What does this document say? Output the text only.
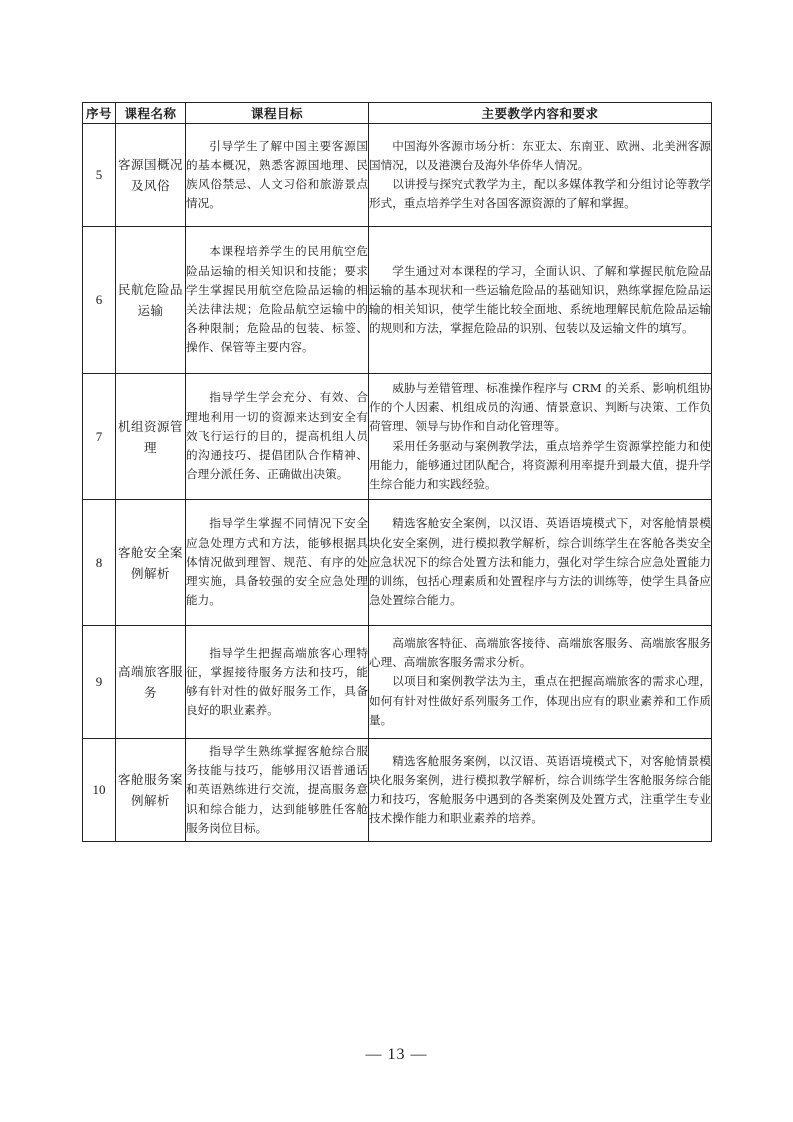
序号	课程名称	课程目标	主要教学内容和要求
5	客源国概况及风俗	引导学生了解中国主要客源国的基本概况，熟悉客源国地理、民族风俗禁忌、人文习俗和旅游景点情况。	中国海外客源市场分析：东亚太、东南亚、欧洲、北美洲客源国情况，以及港澳台及海外华侨华人情况。

以讲授与探究式教学为主，配以多媒体教学和分组讨论等教学形式，重点培养学生对各国客源资源的了解和掌握。

6	民航危险品运输	本课程培养学生的民用航空危险品运输的相关知识和技能；要求学生掌握民用航空危险品运输的相关法律法规；危险品航空运输中的各种限制；危险品的包装、标签、操作、保管等主要内容。	学生通过对本课程的学习，全面认识、了解和掌握民航危险品运输的基本现状和一些运输危险品的基础知识，熟练掌握危险品运输的相关知识，使学生能比较全面地、系统地理解民航危险品运输的规则和方法，掌握危险品的识别、包装以及运输文件的填写。

7	机组资源管理	指导学生学会充分、有效、合理地利用一切的资源来达到安全有效飞行运行的目的，提高机组人员的沟通技巧、提倡团队合作精神、合理分派任务、正确做出决策。	威胁与差错管理、标准操作程序与 CRM 的关系、影响机组协作的个人因素、机组成员的沟通、情景意识、判断与决策、工作负荷管理、领导与协作和自动化管理等。

采用任务驱动与案例教学法，重点培养学生资源掌控能力和使用能力，能够通过团队配合，将资源利用率提升到最大值，提升学生综合能力和实践经验。

8	客舱安全案例解析	指导学生掌握不同情况下安全应急处理方式和方法，能够根据具体情况做到理智、规范、有序的处理实施，具备较强的安全应急处理能力。	精选客舱安全案例，以汉语、英语语境模式下，对客舱情景模块化安全案例，进行模拟教学解析，综合训练学生在客舱各类安全应急状况下的综合处置方法和能力，强化对学生综合应急处置能力的训练，包括心理素质和处置程序与方法的训练等，使学生具备应急处置综合能力。

9	高端旅客服务	指导学生把握高端旅客心理特征，掌握接待服务方法和技巧，能够有针对性的做好服务工作，具备良好的职业素养。	高端旅客特征、高端旅客接待、高端旅客服务、高端旅客服务心理、高端旅客服务需求分析。

以项目和案例教学法为主，重点在把握高端旅客的需求心理，如何有针对性做好系列服务工作，体现出应有的职业素养和工作质量。

10	客舱服务案例解析	指导学生熟练掌握客舱综合服务技能与技巧，能够用汉语普通话和英语熟练进行交流，提高服务意识和综合能力，达到能够胜任客舱服务岗位目标。	精选客舱服务案例，以汉语、英语语境模式下，对客舱情景模块化服务案例，进行模拟教学解析，综合训练学生客舱服务综合能力和技巧，客舱服务中遇到的各类案例及处置方式，注重学生专业技术操作能力和职业素养的培养。

— 13 —
